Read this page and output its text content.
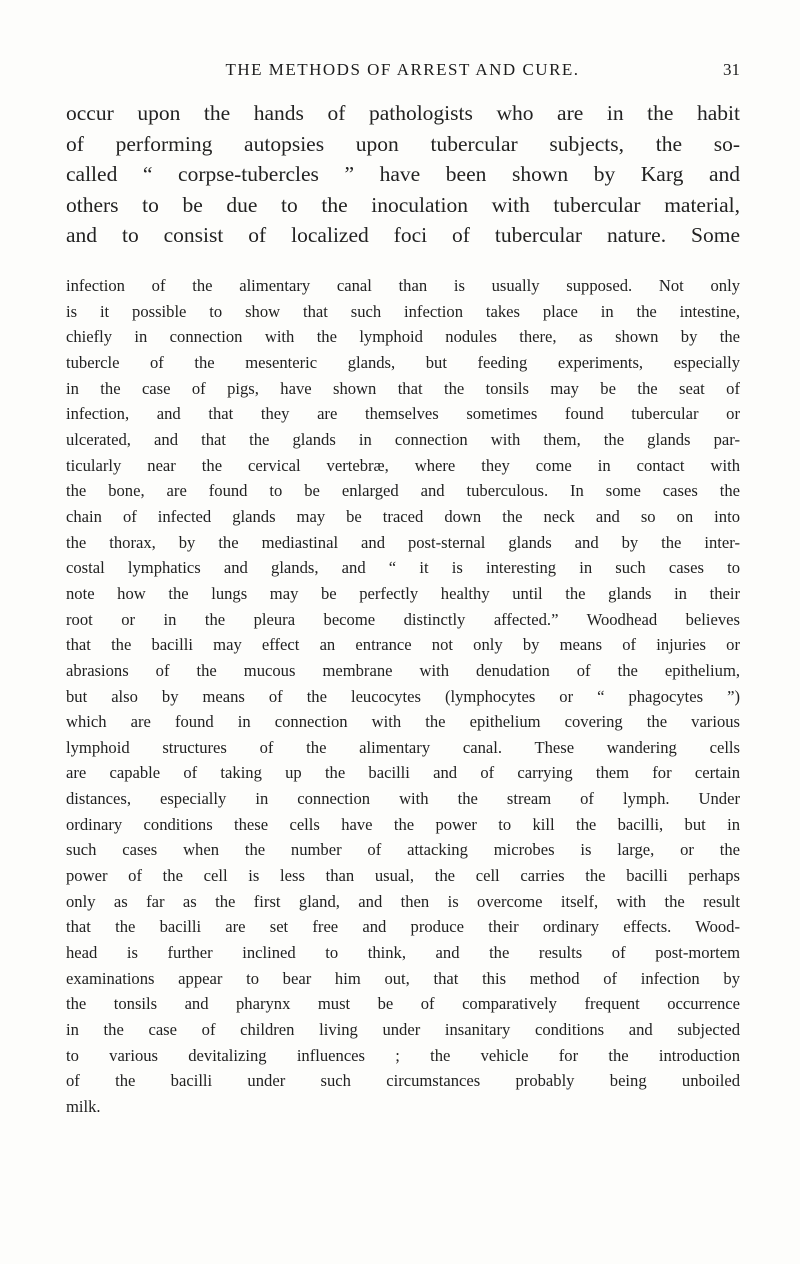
THE METHODS OF ARREST AND CURE.	31
occur upon the hands of pathologists who are in the habit
of performing autopsies upon tubercular subjects, the so-
called “ corpse-tubercles ” have been shown by Karg and
others to be due to the inoculation with tubercular material,
and to consist of localized foci of tubercular nature. Some
infection of the alimentary canal than is usually supposed. Not only
is it possible to show that such infection takes place in the intestine,
chiefly in connection with the lymphoid nodules there, as shown by the
tubercle of the mesenteric glands, but feeding experiments, especially
in the case of pigs, have shown that the tonsils may be the seat of
infection, and that they are themselves sometimes found tubercular or
ulcerated, and that the glands in connection with them, the glands par-
ticularly near the cervical vertebræ, where they come in contact with
the bone, are found to be enlarged and tuberculous. In some cases the
chain of infected glands may be traced down the neck and so on into
the thorax, by the mediastinal and post-sternal glands and by the inter-
costal lymphatics and glands, and “ it is interesting in such cases to
note how the lungs may be perfectly healthy until the glands in their
root or in the pleura become distinctly affected.” Woodhead believes
that the bacilli may effect an entrance not only by means of injuries or
abrasions of the mucous membrane with denudation of the epithelium,
but also by means of the leucocytes (lymphocytes or “ phagocytes ”)
which are found in connection with the epithelium covering the various
lymphoid structures of the alimentary canal. These wandering cells
are capable of taking up the bacilli and of carrying them for certain
distances, especially in connection with the stream of lymph. Under
ordinary conditions these cells have the power to kill the bacilli, but in
such cases when the number of attacking microbes is large, or the
power of the cell is less than usual, the cell carries the bacilli perhaps
only as far as the first gland, and then is overcome itself, with the result
that the bacilli are set free and produce their ordinary effects. Wood-
head is further inclined to think, and the results of post-mortem
examinations appear to bear him out, that this method of infection by
the tonsils and pharynx must be of comparatively frequent occurrence
in the case of children living under insanitary conditions and subjected
to various devitalizing influences ; the vehicle for the introduction
of the bacilli under such circumstances probably being unboiled
milk.
